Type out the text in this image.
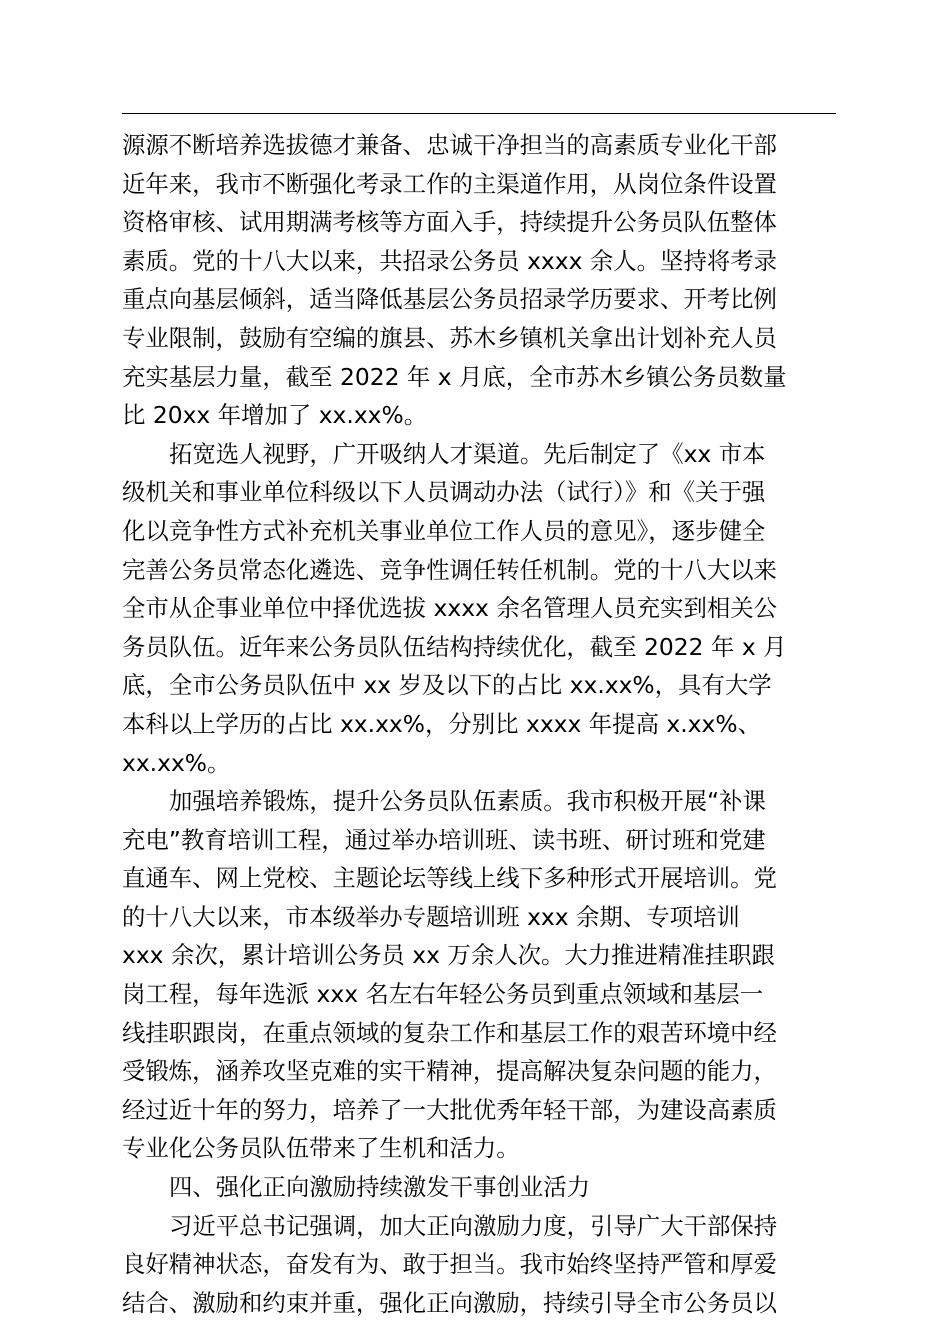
源源不断培养选拔德才兼备、忠诚干净担当的高素质专业化干部
近年来，我市不断强化考录工作的主渠道作用，从岗位条件设置
资格审核、试用期满考核等方面入手，持续提升公务员队伍整体
素质。党的十八大以来，共招录公务员 xxxx 余人。坚持将考录
重点向基层倾斜，适当降低基层公务员招录学历要求、开考比例
专业限制，鼓励有空编的旗县、苏木乡镇机关拿出计划补充人员
充实基层力量，截至 2022 年 x 月底，全市苏木乡镇公务员数量
比 20xx 年增加了 xx.xx%。
拓宽选人视野，广开吸纳人才渠道。先后制定了《xx 市本
级机关和事业单位科级以下人员调动办法（试行）》和《关于强
化以竞争性方式补充机关事业单位工作人员的意见》，逐步健全
完善公务员常态化遴选、竞争性调任转任机制。党的十八大以来
全市从企事业单位中择优选拔 xxxx 余名管理人员充实到相关公
务员队伍。近年来公务员队伍结构持续优化，截至 2022 年 x 月
底，全市公务员队伍中 xx 岁及以下的占比 xx.xx%，具有大学
本科以上学历的占比 xx.xx%，分别比 xxxx 年提高 x.xx%、
xx.xx%。
加强培养锻炼，提升公务员队伍素质。我市积极开展“补课
充电”教育培训工程，通过举办培训班、读书班、研讨班和党建
直通车、网上党校、主题论坛等线上线下多种形式开展培训。党
的十八大以来，市本级举办专题培训班 xxx 余期、专项培训
xxx 余次，累计培训公务员 xx 万余人次。大力推进精准挂职跟
岗工程，每年选派 xxx 名左右年轻公务员到重点领域和基层一
线挂职跟岗，在重点领域的复杂工作和基层工作的艰苦环境中经
受锻炼，涵养攻坚克难的实干精神，提高解决复杂问题的能力，
经过近十年的努力，培养了一大批优秀年轻干部，为建设高素质
专业化公务员队伍带来了生机和活力。
四、强化正向激励持续激发干事创业活力
习近平总书记强调，加大正向激励力度，引导广大干部保持
良好精神状态，奋发有为、敢于担当。我市始终坚持严管和厚爱
结合、激励和约束并重，强化正向激励，持续引导全市公务员以
